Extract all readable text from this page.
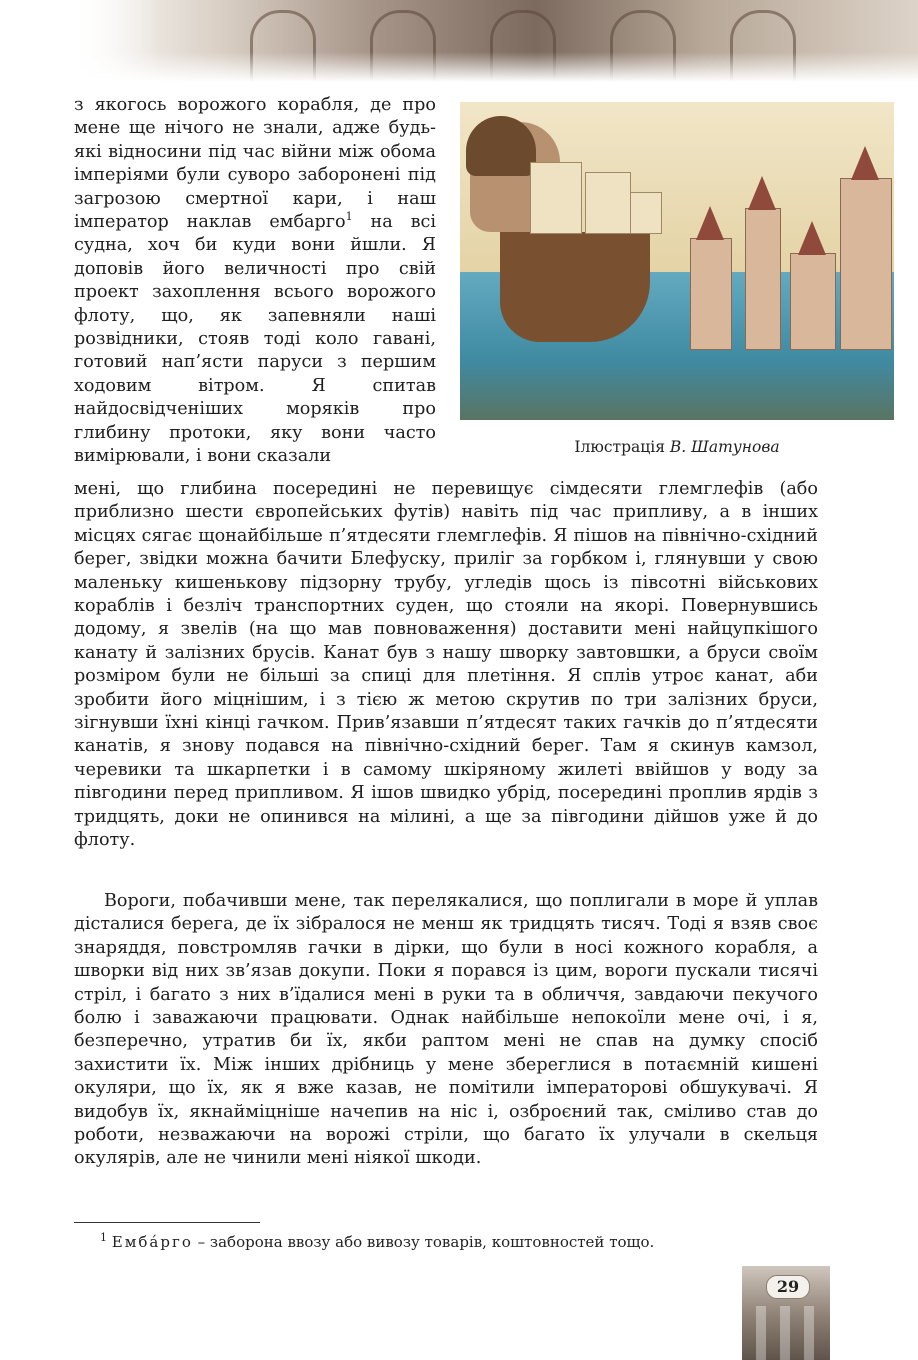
Ілюстрація В. Шатунова

з якогось ворожого корабля, де про мене ще нічого не знали, адже будь-які відносини під час війни між обома імперіями були суворо заборонені під загрозою смертної кари, і наш імператор наклав ембарго$^1$ на всі судна, хоч би куди вони йшли. Я доповів його величності про свій проект захоплення всього ворожого флоту, що, як запевняли наші розвідники, стояв тоді коло гавані, готовий нап’ясти паруси з першим ходовим вітром. Я спитав найдосвідченіших моряків про глибину протоки, яку вони часто вимірювали, і вони сказали

мені, що глибина посередині не перевищує сімдесяти глемглефів (або приблизно шести європейських футів) навіть під час припливу, а в інших місцях сягає щонайбільше п’ятдесяти глемглефів. Я пішов на північно-східний берег, звідки можна бачити Блефуску, приліг за горбком і, глянувши у свою маленьку кишенькову підзорну трубу, угледів щось із півсотні військових кораблів і безліч транспортних суден, що стояли на якорі. Повернувшись додому, я звелів (на що мав повноваження) доставити мені найцупкішого канату й залізних брусів. Канат був з нашу шворку завтовшки, а бруси своїм розміром були не більші за спиці для плетіння. Я сплів утроє канат, аби зробити його міцнішим, і з тією ж метою скрутив по три залізних бруси, зігнувши їхні кінці гачком. Прив’язавши п’ятдесят таких гачків до п’ятдесяти канатів, я знову подався на північно-східний берег. Там я скинув камзол, черевики та шкарпетки і в самому шкіряному жилеті ввійшов у воду за півгодини перед припливом. Я ішов швидко убрід, посередині проплив ярдів з тридцять, доки не опинився на мілині, а ще за півгодини дійшов уже й до флоту.

Вороги, побачивши мене, так перелякалися, що поплигали в море й уплав дісталися берега, де їх зібралося не менш як тридцять тисяч. Тоді я взяв своє знаряддя, повстромляв гачки в дірки, що були в носі кожного корабля, а шворки від них зв’язав докупи. Поки я порався із цим, вороги пускали тисячі стріл, і багато з них в’їдалися мені в руки та в обличчя, завдаючи пекучого болю і заважаючи працювати. Однак найбільше непокоїли мене очі, і я, безперечно, утратив би їх, якби раптом мені не спав на думку спосіб захистити їх. Між інших дрібниць у мене збереглися в потаємній кишені окуляри, що їх, як я вже казав, не помітили імператорові обшукувачі. Я видобув їх, якнайміцніше начепив на ніс і, озброєний так, сміливо став до роботи, незважаючи на ворожі стріли, що багато їх улучали в скельця окулярів, але не чинили мені ніякої шкоди.

$^1$ Ембáрго – заборона ввозу або вивозу товарів, коштовностей тощо.
29
